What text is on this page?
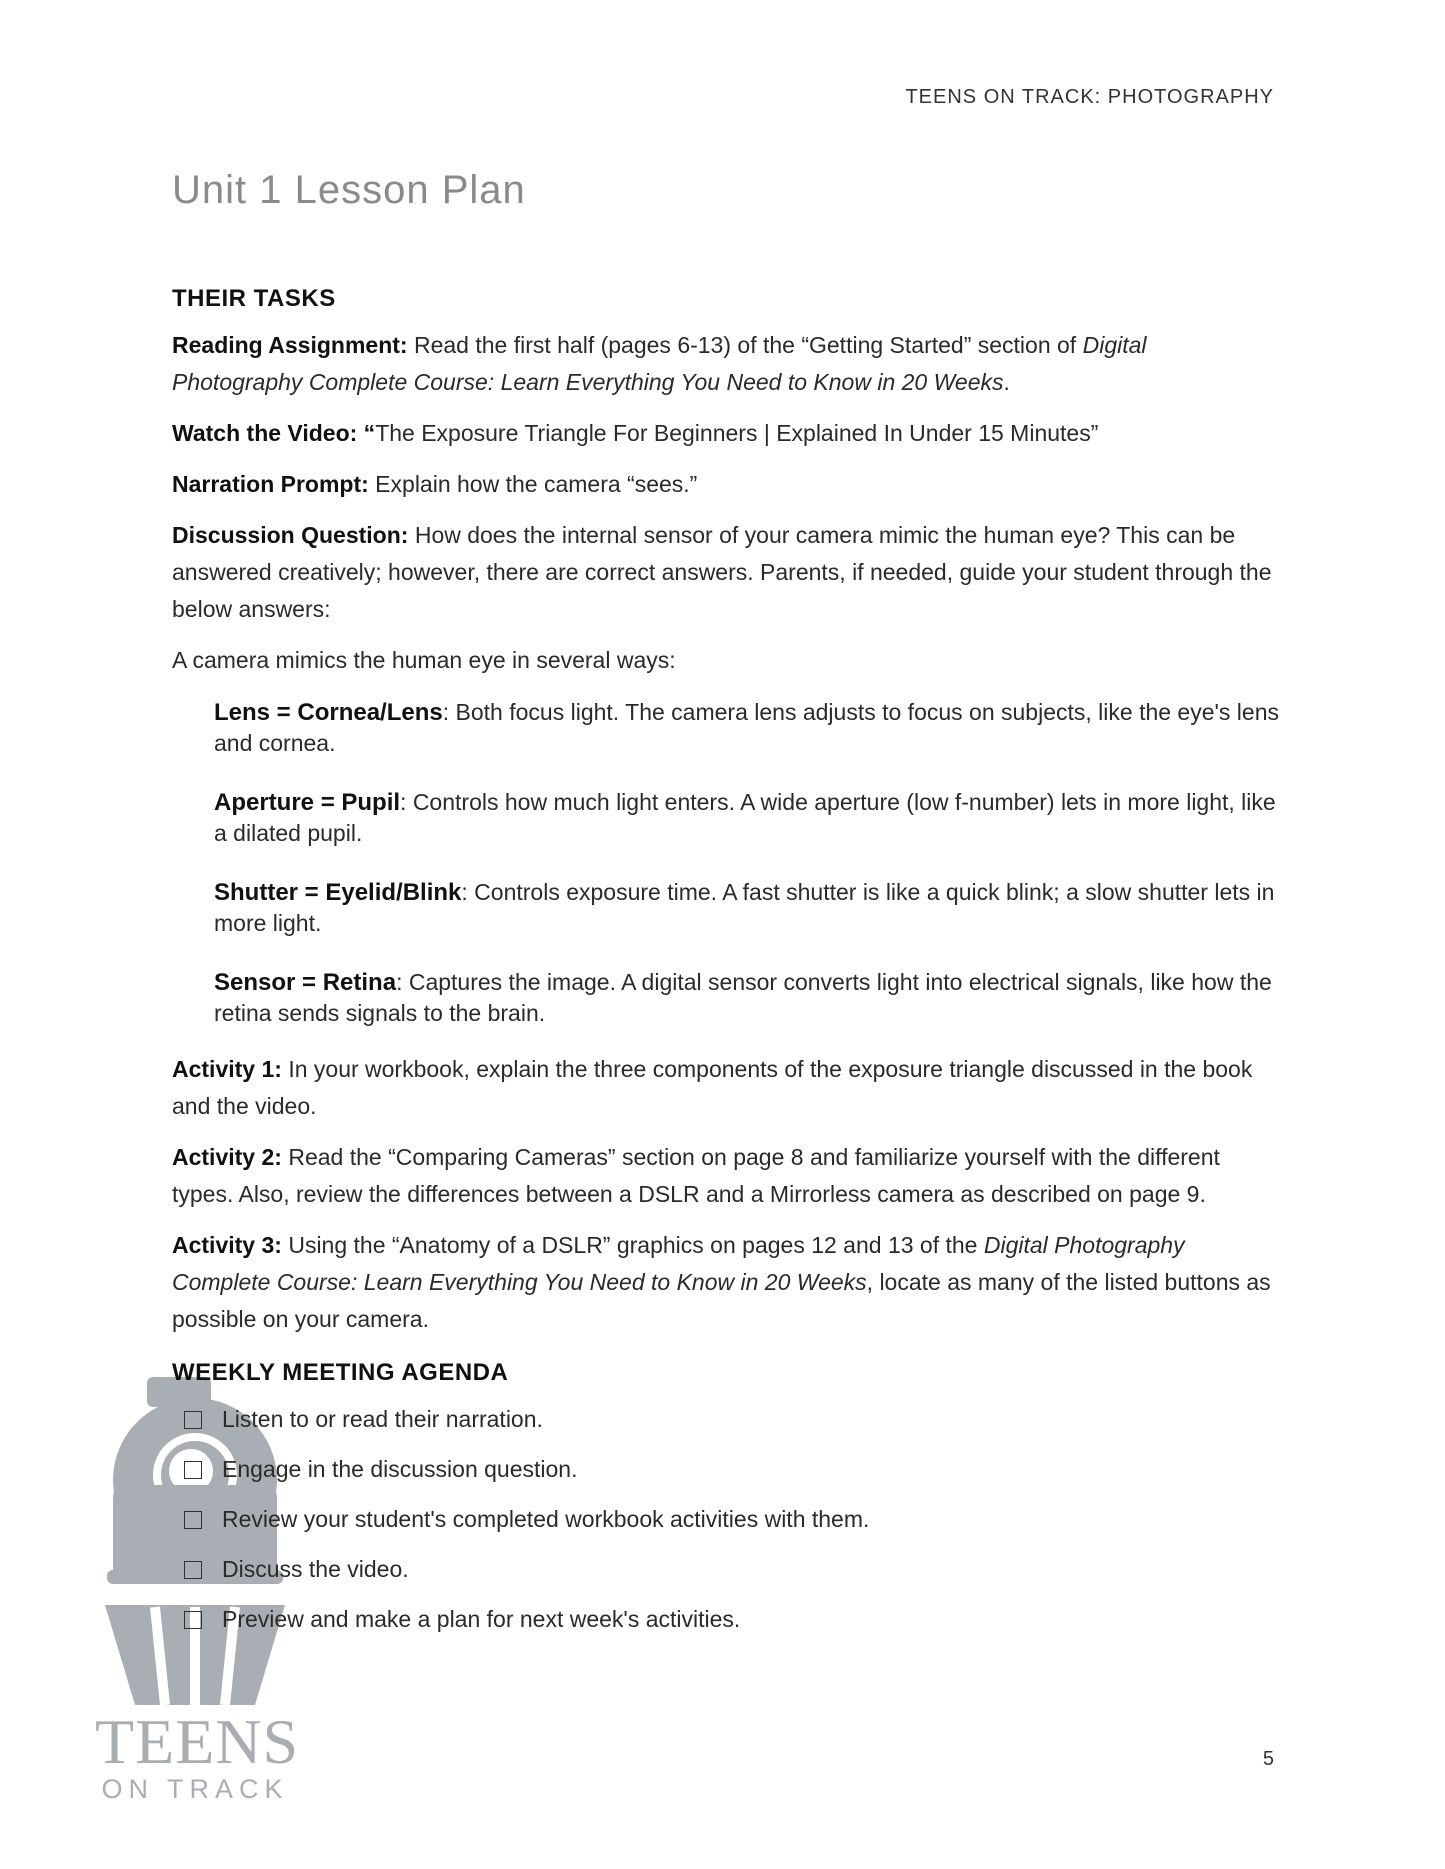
TEENS ON TRACK: PHOTOGRAPHY
Unit 1 Lesson Plan
TEENS
ON TRACK
THEIR TASKS

Reading Assignment: Read the first half (pages 6-13) of the “Getting Started” section of Digital Photography Complete Course: Learn Everything You Need to Know in 20 Weeks.

Watch the Video: “The Exposure Triangle For Beginners | Explained In Under 15 Minutes”

Narration Prompt: Explain how the camera “sees.”

Discussion Question: How does the internal sensor of your camera mimic the human eye? This can be answered creatively; however, there are correct answers. Parents, if needed, guide your student through the below answers:

A camera mimics the human eye in several ways:

Lens = Cornea/Lens: Both focus light. The camera lens adjusts to focus on subjects, like the eye's lens and cornea.
Aperture = Pupil: Controls how much light enters. A wide aperture (low f-number) lets in more light, like a dilated pupil.
Shutter = Eyelid/Blink: Controls exposure time. A fast shutter is like a quick blink; a slow shutter lets in more light.
Sensor = Retina: Captures the image. A digital sensor converts light into electrical signals, like how the retina sends signals to the brain.

Activity 1: In your workbook, explain the three components of the exposure triangle discussed in the book and the video.

Activity 2: Read the “Comparing Cameras” section on page 8 and familiarize yourself with the different types. Also, review the differences between a DSLR and a Mirrorless camera as described on page 9.

Activity 3: Using the “Anatomy of a DSLR” graphics on pages 12 and 13 of the Digital Photography Complete Course: Learn Everything You Need to Know in 20 Weeks, locate as many of the listed buttons as possible on your camera.

WEEKLY MEETING AGENDA
Listen to or read their narration.
Engage in the discussion question.
Review your student's completed workbook activities with them.
Discuss the video.
Preview and make a plan for next week's activities.
5
